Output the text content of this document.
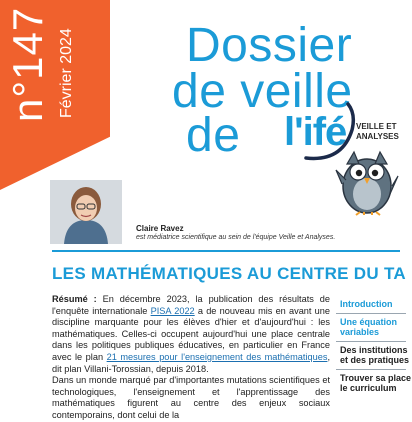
n°147 Février 2024 Dossier
de veille
de l'ifé VEILLE ET ANALYSES
Claire Ravez
est médiatrice scientifique au sein de l'équipe Veille et Analyses.
LES MATHÉMATIQUES AU CENTRE DU TA

Résumé : En décembre 2023, la publication des résultats de l'enquête internationale PISA 2022 a de nouveau mis en avant une discipline marquante pour les élèves d'hier et d'aujourd'hui : les mathématiques. Celles-ci occupent aujourd'hui une place centrale dans les politiques publiques éducatives, en particulier en France avec le plan 21 mesures pour l'enseignement des mathématiques, dit plan Villani-Torossian, depuis 2018.

Dans un monde marqué par d'importantes mutations scientifiques et technologiques, l'enseignement et l'apprentissage des mathématiques figurent au centre des enjeux sociaux contemporains, dont celui de la

Introduction
Une équation
variables
Des institutions
et des pratiques
Trouver sa place
le curriculum
